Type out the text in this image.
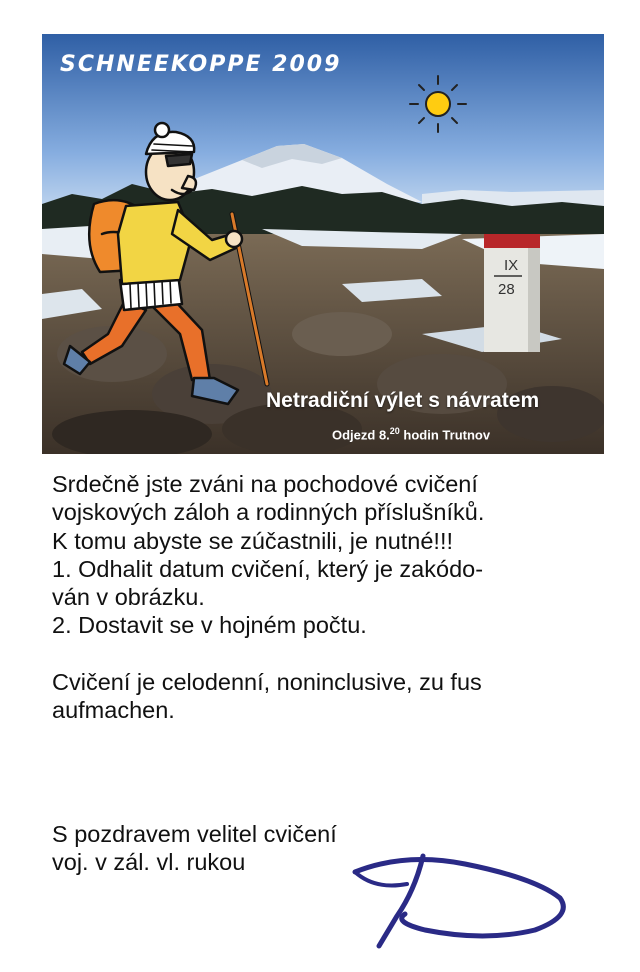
IX
28
SCHNEEKOPPE 2009
Netradiční výlet s návratem
Odjezd 8.20 hodin Trutnov
Srdečně jste zváni na pochodové cvičení
vojskových záloh a rodinných příslušníků.
K tomu abyste se zúčastnili, je nutné!!!
1. Odhalit datum cvičení, který je zakódo-
ván v obrázku.
2. Dostavit se v hojném počtu.
Cvičení je celodenní, noninclusive, zu fus
aufmachen.
S pozdravem velitel cvičení
voj. v zál. vl. rukou
